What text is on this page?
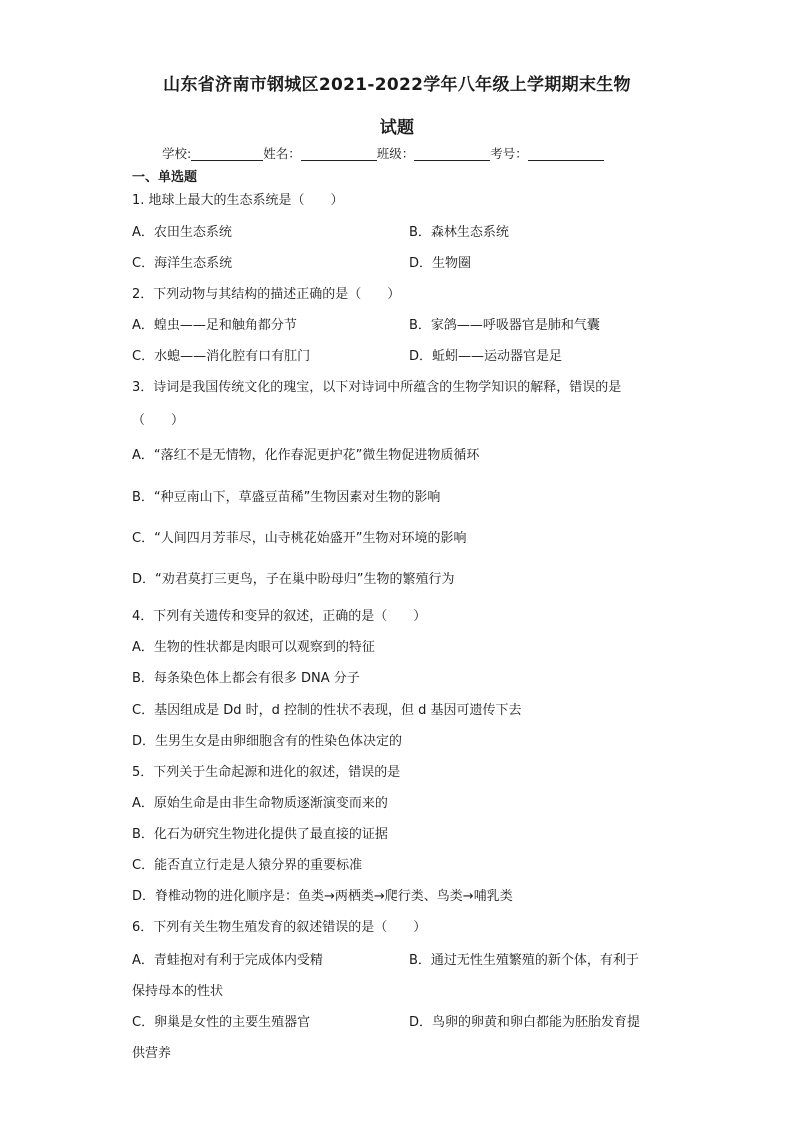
山东省济南市钢城区2021-2022学年八年级上学期期末生物
试题
学校:	姓名：	班级：	考号：
一、单选题
1. 地球上最大的生态系统是（　　）
A．农田生态系统	B．森林生态系统
C．海洋生态系统	D．生物圈
2．下列动物与其结构的描述正确的是（　　）
A．蝗虫——足和触角都分节	B．家鸽——呼吸器官是肺和气囊
C．水螅——消化腔有口有肛门	D．蚯蚓——运动器官是足
3．诗词是我国传统文化的瑰宝，以下对诗词中所蕴含的生物学知识的解释，错误的是
（　　）
A．“落红不是无情物，化作春泥更护花”微生物促进物质循环
B．“种豆南山下，草盛豆苗稀”生物因素对生物的影响
C．“人间四月芳菲尽，山寺桃花始盛开”生物对环境的影响
D．“劝君莫打三更鸟，子在巢中盼母归”生物的繁殖行为
4．下列有关遗传和变异的叙述，正确的是（　　）
A．生物的性状都是肉眼可以观察到的特征
B．每条染色体上都会有很多 DNA 分子
C．基因组成是 Dd 时，d 控制的性状不表现，但 d 基因可遗传下去
D．生男生女是由卵细胞含有的性染色体决定的
5．下列关于生命起源和进化的叙述，错误的是
A．原始生命是由非生命物质逐渐演变而来的
B．化石为研究生物进化提供了最直接的证据
C．能否直立行走是人猿分界的重要标准
D．脊椎动物的进化顺序是：鱼类→两栖类→爬行类、鸟类→哺乳类
6．下列有关生物生殖发育的叙述错误的是（　　）
A．青蛙抱对有利于完成体内受精	B．通过无性生殖繁殖的新个体，有利于
保持母本的性状
C．卵巢是女性的主要生殖器官	D．鸟卵的卵黄和卵白都能为胚胎发育提
供营养
